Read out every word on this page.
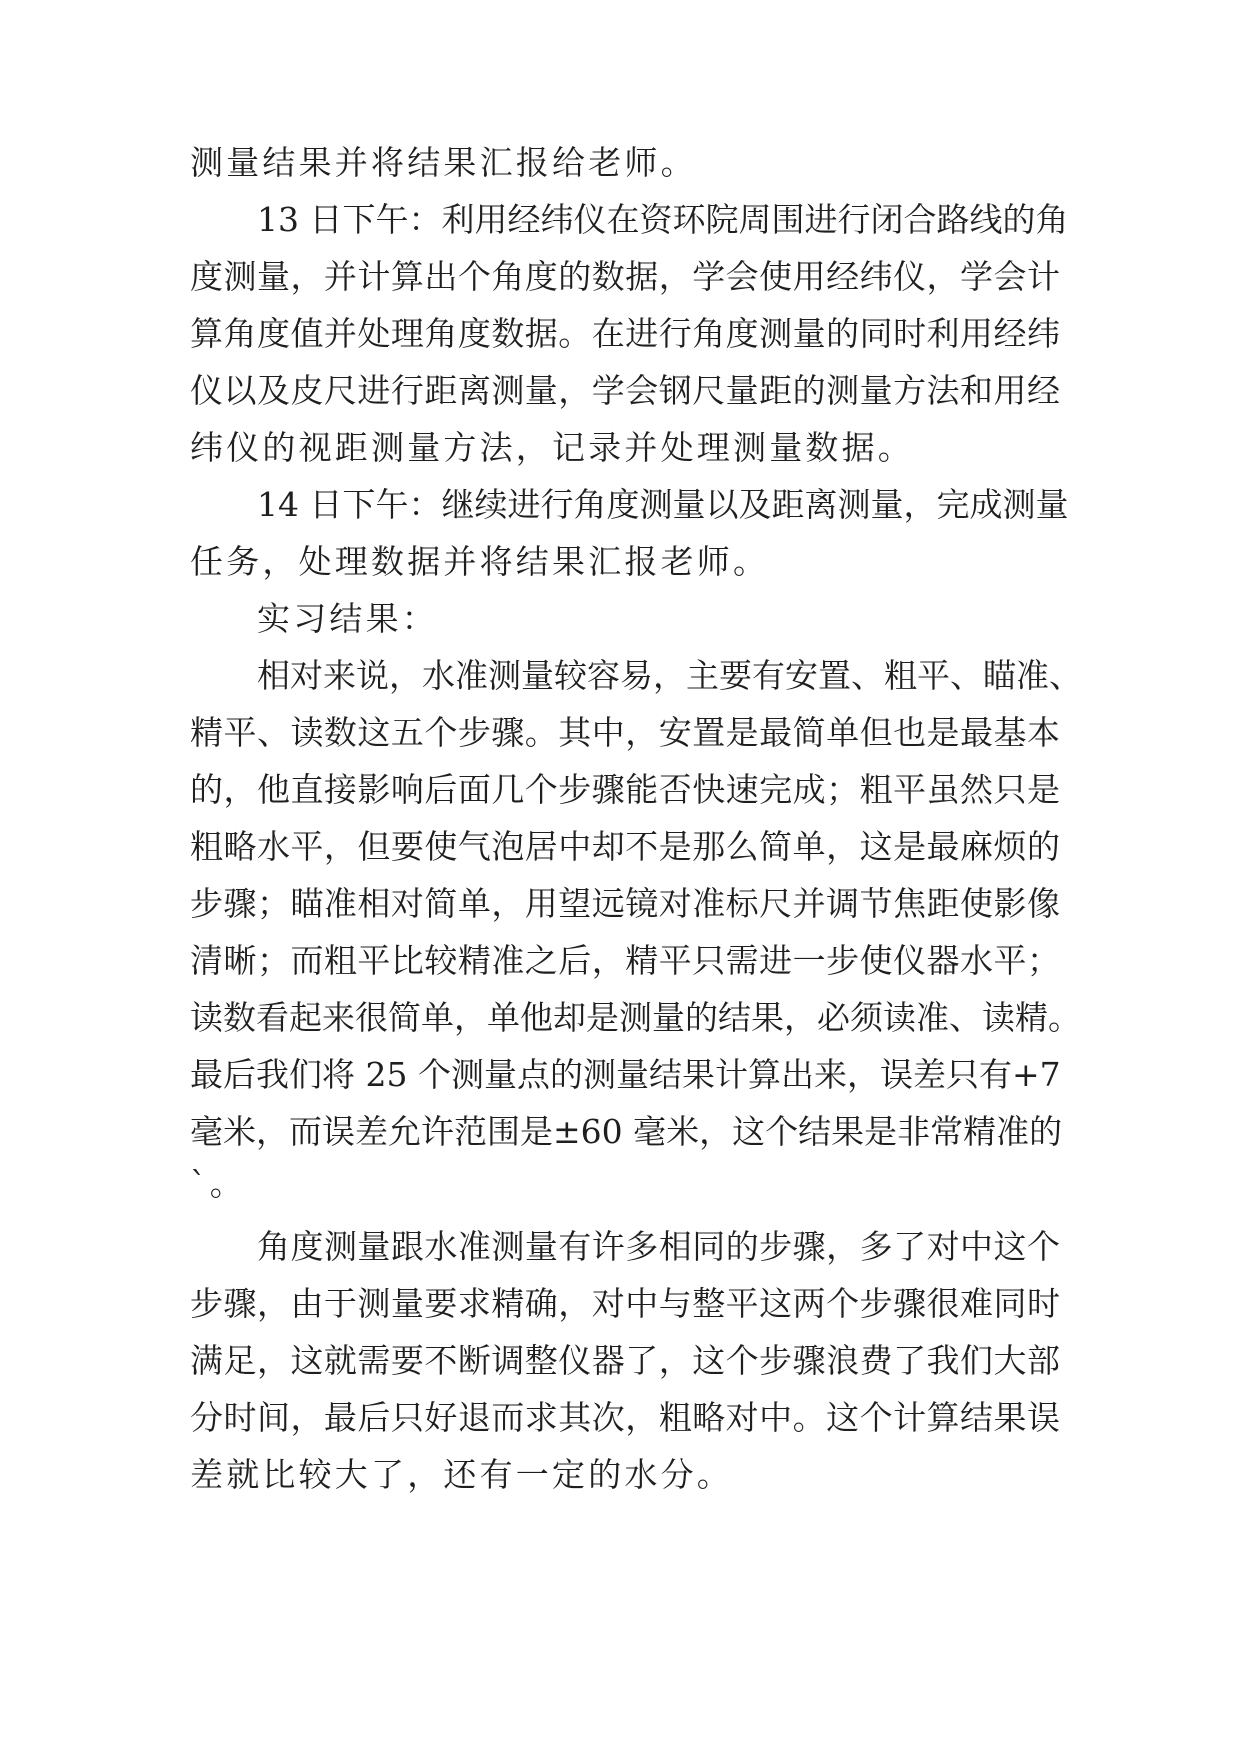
测量结果并将结果汇报给老师。
13 日下午：利用经纬仪在资环院周围进行闭合路线的角
度测量，并计算出个角度的数据，学会使用经纬仪，学会计
算角度值并处理角度数据。在进行角度测量的同时利用经纬
仪以及皮尺进行距离测量，学会钢尺量距的测量方法和用经
纬仪的视距测量方法，记录并处理测量数据。
14 日下午：继续进行角度测量以及距离测量，完成测量
任务，处理数据并将结果汇报老师。
实习结果：
相对来说，水准测量较容易，主要有安置、粗平、瞄准、
精平、读数这五个步骤。其中，安置是最简单但也是最基本
的，他直接影响后面几个步骤能否快速完成；粗平虽然只是
粗略水平，但要使气泡居中却不是那么简单，这是最麻烦的
步骤；瞄准相对简单，用望远镜对准标尺并调节焦距使影像
清晰；而粗平比较精准之后，精平只需进一步使仪器水平；
读数看起来很简单，单他却是测量的结果，必须读准、读精。
最后我们将 25 个测量点的测量结果计算出来，误差只有+7
毫米，而误差允许范围是±60 毫米，这个结果是非常精准的
`。
角度测量跟水准测量有许多相同的步骤，多了对中这个
步骤，由于测量要求精确，对中与整平这两个步骤很难同时
满足，这就需要不断调整仪器了，这个步骤浪费了我们大部
分时间，最后只好退而求其次，粗略对中。这个计算结果误
差就比较大了，还有一定的水分。
